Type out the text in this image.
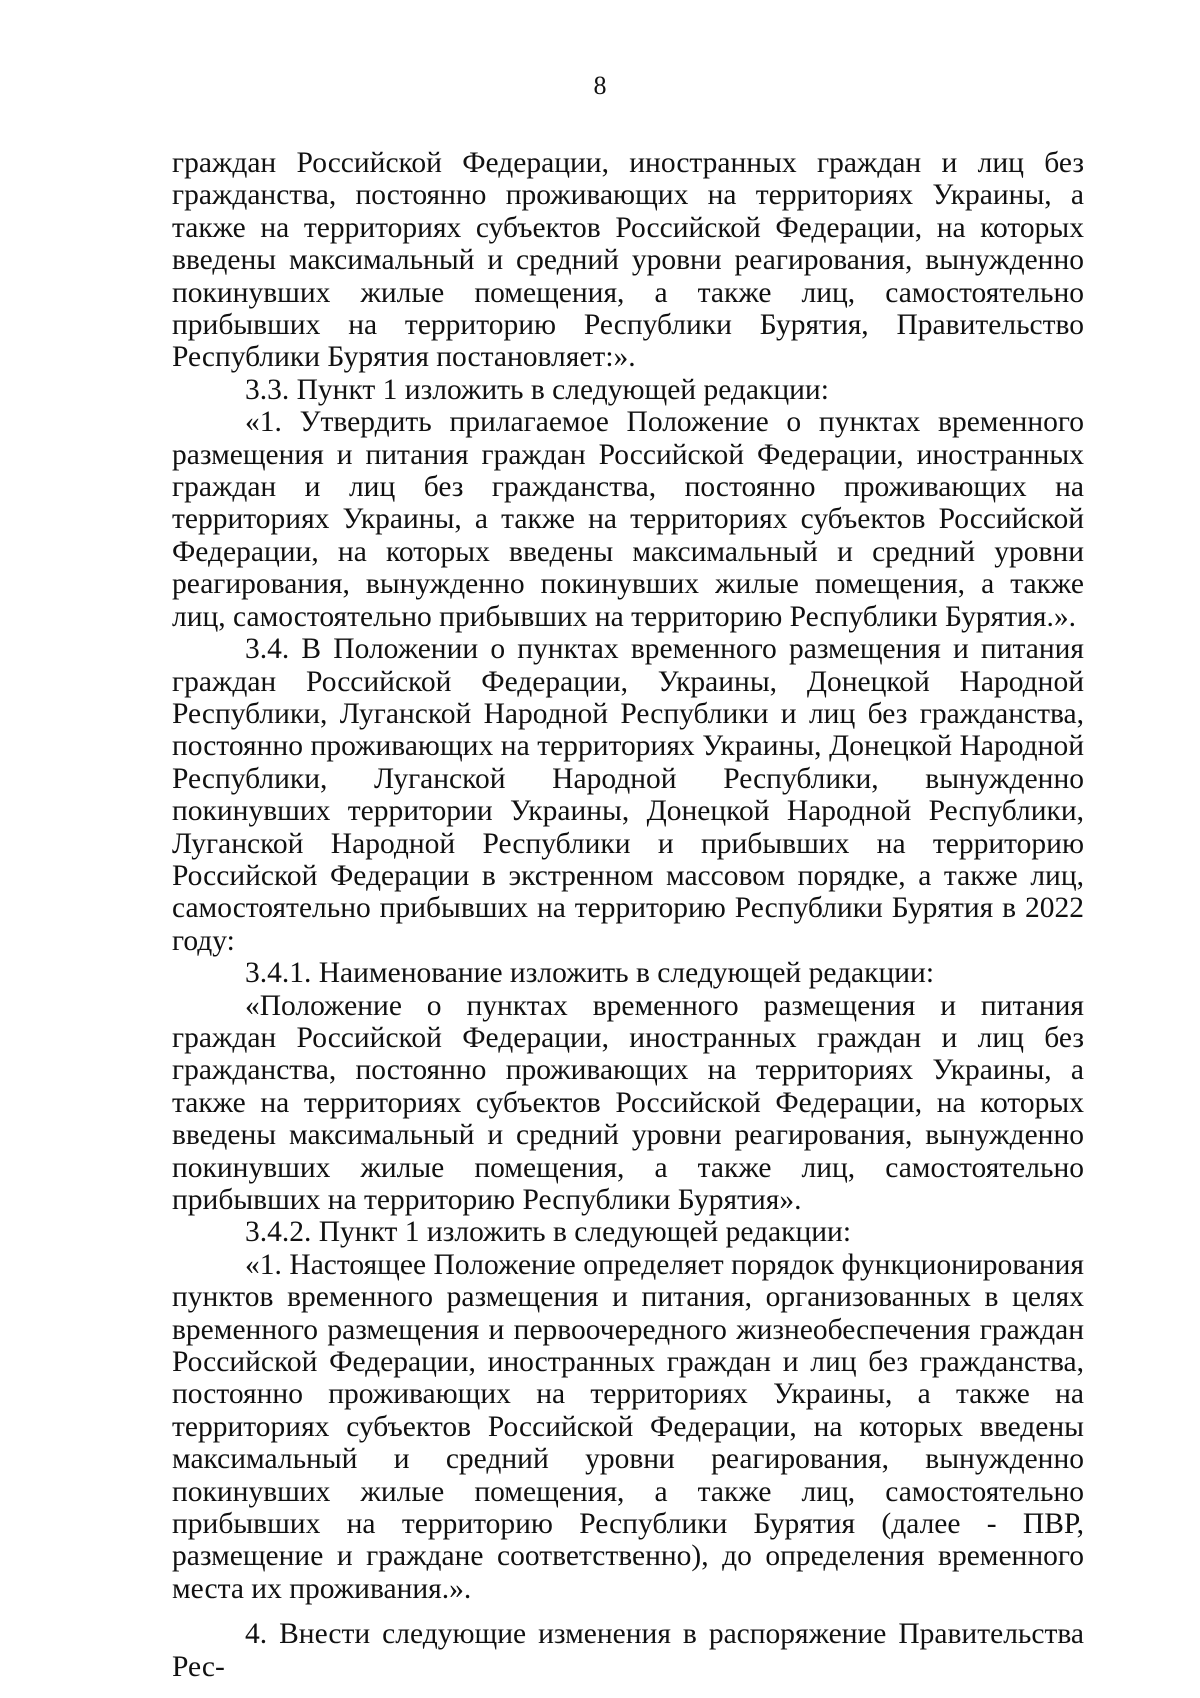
8

граждан Российской Федерации, иностранных граждан и лиц без гражданства, постоянно проживающих на территориях Украины, а также на территориях субъектов Российской Федерации, на которых введены максимальный и средний уровни реагирования, вынужденно покинувших жилые помещения, а также лиц, самостоятельно прибывших на территорию Республики Бурятия, Правительство Республики Бурятия постановляет:».

3.3. Пункт 1 изложить в следующей редакции:

«1. Утвердить прилагаемое Положение о пунктах временного размещения и питания граждан Российской Федерации, иностранных граждан и лиц без гражданства, постоянно проживающих на территориях Украины, а также на территориях субъектов Российской Федерации, на которых введены максимальный и средний уровни реагирования, вынужденно покинувших жилые помещения, а также лиц, самостоятельно прибывших на территорию Республики Бурятия.».

3.4. В Положении о пунктах временного размещения и питания граждан Российской Федерации, Украины, Донецкой Народной Республики, Луганской Народной Республики и лиц без гражданства, постоянно проживающих на территориях Украины, Донецкой Народной Республики, Луганской Народной Республики, вынужденно покинувших территории Украины, Донецкой Народной Республики, Луганской Народной Республики и прибывших на территорию Российской Федерации в экстренном массовом порядке, а также лиц, самостоятельно прибывших на территорию Республики Бурятия в 2022 году:

3.4.1. Наименование изложить в следующей редакции:

«Положение о пунктах временного размещения и питания граждан Российской Федерации, иностранных граждан и лиц без гражданства, постоянно проживающих на территориях Украины, а также на территориях субъектов Российской Федерации, на которых введены максимальный и средний уровни реагирования, вынужденно покинувших жилые помещения, а также лиц, самостоятельно прибывших на территорию Республики Бурятия».

3.4.2. Пункт 1 изложить в следующей редакции:

«1. Настоящее Положение определяет порядок функционирования пунктов временного размещения и питания, организованных в целях временного размещения и первоочередного жизнеобеспечения граждан Российской Федерации, иностранных граждан и лиц без гражданства, постоянно проживающих на территориях Украины, а также на территориях субъектов Российской Федерации, на которых введены максимальный и средний уровни реагирования, вынужденно покинувших жилые помещения, а также лиц, самостоятельно прибывших на территорию Республики Бурятия (далее - ПВР, размещение и граждане соответственно), до определения временного места их проживания.».

4. Внести следующие изменения в распоряжение Правительства Рес-
